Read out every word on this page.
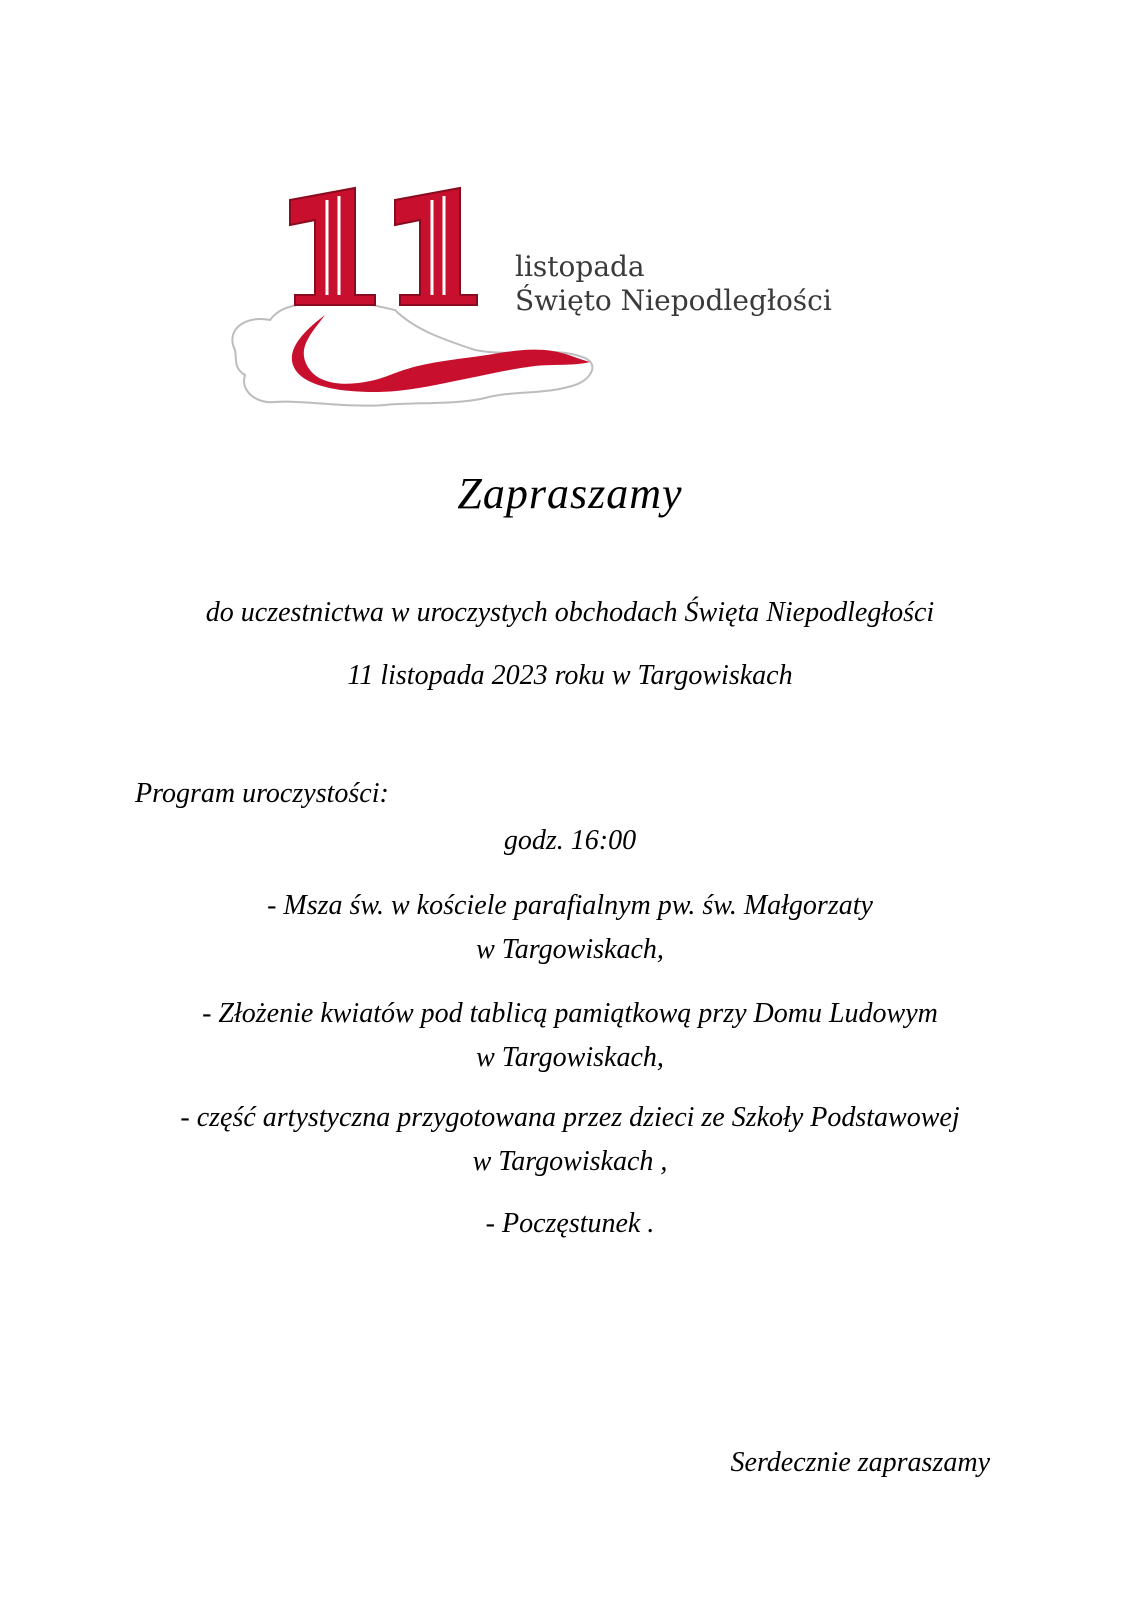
listopada
Święto Niepodległości
Zapraszamy
do uczestnictwa w uroczystych obchodach Święta Niepodległości
11 listopada 2023 roku w Targowiskach
Program uroczystości:
godz. 16:00
- Msza św. w kościele parafialnym pw. św. Małgorzaty
w Targowiskach,
- Złożenie kwiatów pod tablicą pamiątkową przy Domu Ludowym
w Targowiskach,
- część artystyczna przygotowana przez dzieci ze Szkoły Podstawowej
w Targowiskach ,
- Poczęstunek .
Serdecznie zapraszamy
